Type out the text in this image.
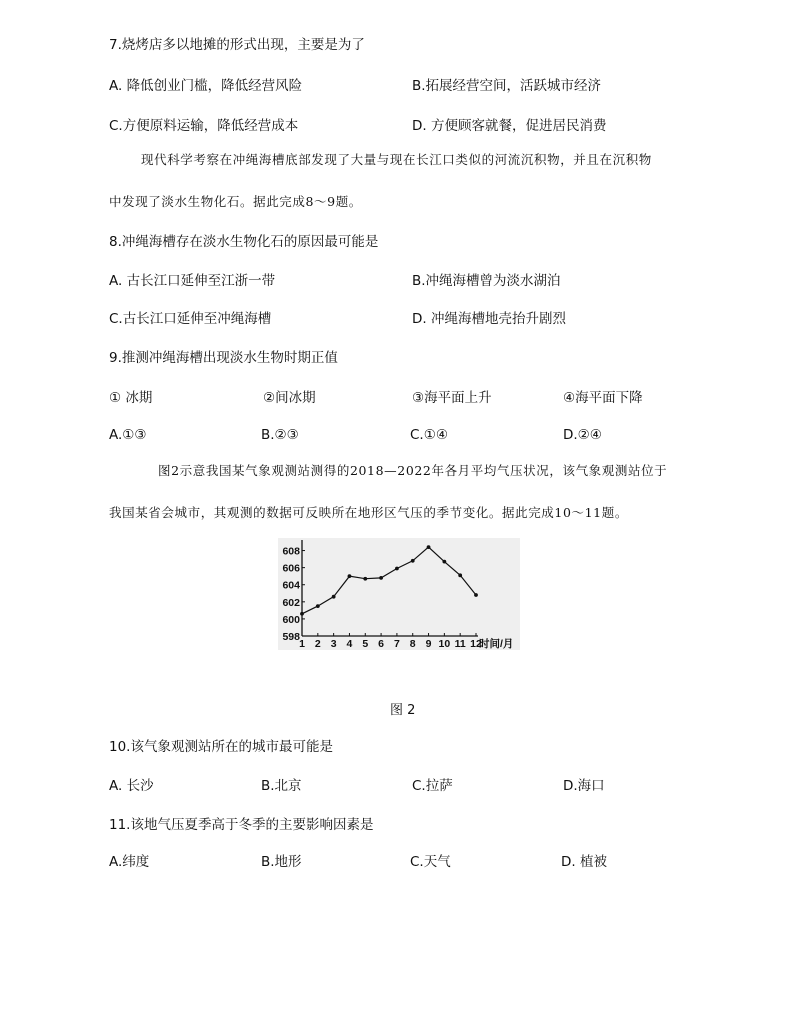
7.烧烤店多以地摊的形式出现，主要是为了
A. 降低创业门槛，降低经营风险	B.拓展经营空间，活跃城市经济
C.方便原料运输，降低经营成本	D. 方便顾客就餐，促进居民消费
现代科学考察在冲绳海槽底部发现了大量与现在长江口类似的河流沉积物，并且在沉积物
中发现了淡水生物化石。据此完成8～9题。
8.冲绳海槽存在淡水生物化石的原因最可能是
A. 古长江口延伸至江浙一带	B.冲绳海槽曾为淡水湖泊
C.古长江口延伸至冲绳海槽	D. 冲绳海槽地壳抬升剧烈
9.推测冲绳海槽出现淡水生物时期正值
① 冰期	②间冰期	③海平面上升	④海平面下降
A.①③	B.②③	C.①④	D.②④
图2示意我国某气象观测站测得的2018—2022年各月平均气压状况，该气象观测站位于
我国某省会城市，其观测的数据可反映所在地形区气压的季节变化。据此完成10～11题。
598
600
602
604
606
608
1 2 3 4 5 6 7 8 9 10 11 12
时间/月
图 2
10.该气象观测站所在的城市最可能是
A. 长沙	B.北京	C.拉萨	D.海口
11.该地气压夏季高于冬季的主要影响因素是
A.纬度	B.地形	C.天气	D. 植被
